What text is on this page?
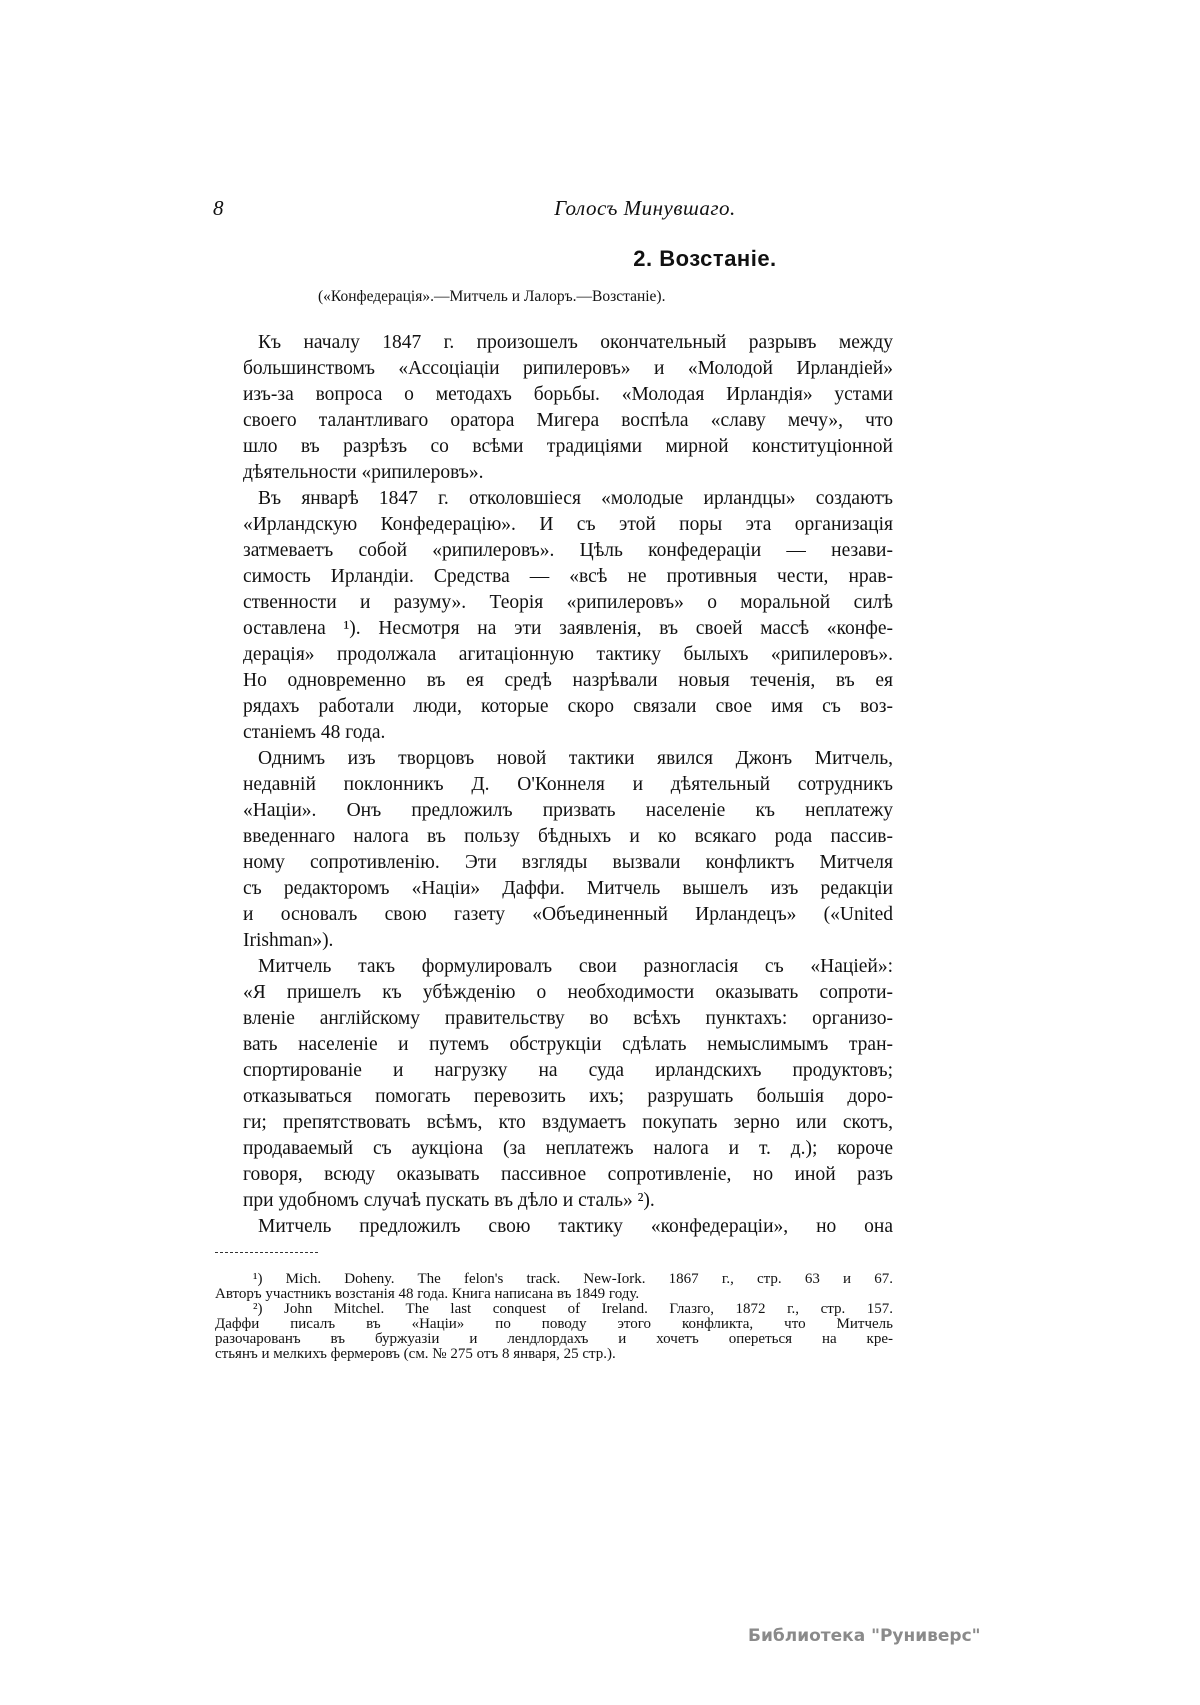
8	Голосъ Минувшаго.
2. Возстаніе.
(«Конфедерація».—Митчель и Лалоръ.—Возстаніе).
Къ началу 1847 г. произошелъ окончательный разрывъ между
большинствомъ «Ассоціаціи рипилеровъ» и «Молодой Ирландіей»
изъ-за вопроса о методахъ борьбы. «Молодая Ирландія» устами
своего талантливаго оратора Мигера воспѣла «славу мечу», что
шло въ разрѣзъ со всѣми традиціями мирной конституціонной
дѣятельности «рипилеровъ».
Въ январѣ 1847 г. отколовшіеся «молодые ирландцы» создаютъ
«Ирландскую Конфедерацію». И съ этой поры эта организація
затмеваетъ собой «рипилеровъ». Цѣль конфедераціи — незави-
симость Ирландіи. Средства — «всѣ не противныя чести, нрав-
ственности и разуму». Теорія «рипилеровъ» о моральной силѣ
оставлена ¹). Несмотря на эти заявленія, въ своей массѣ «конфе-
дерація» продолжала агитаціонную тактику былыхъ «рипилеровъ».
Но одновременно въ ея средѣ назрѣвали новыя теченія, въ ея
рядахъ работали люди, которые скоро связали свое имя съ воз-
станіемъ 48 года.
Однимъ изъ творцовъ новой тактики явился Джонъ Митчель,
недавній поклонникъ Д. О'Коннеля и дѣятельный сотрудникъ
«Націи». Онъ предложилъ призвать населеніе къ неплатежу
введеннаго налога въ пользу бѣдныхъ и ко всякаго рода пассив-
ному сопротивленію. Эти взгляды вызвали конфликтъ Митчеля
съ редакторомъ «Націи» Даффи. Митчель вышелъ изъ редакціи
и основалъ свою газету «Объединенный Ирландецъ» («United
Irishman»).
Митчель такъ формулировалъ свои разногласія съ «Націей»:
«Я пришелъ къ убѣжденію о необходимости оказывать сопроти-
вленіе англійскому правительству во всѣхъ пунктахъ: организо-
вать населеніе и путемъ обструкціи сдѣлать немыслимымъ тран-
спортированіе и нагрузку на суда ирландскихъ продуктовъ;
отказываться помогать перевозить ихъ; разрушать большія доро-
ги; препятствовать всѣмъ, кто вздумаетъ покупать зерно или скотъ,
продаваемый съ аукціона (за неплатежъ налога и т. д.); короче
говоря, всюду оказывать пассивное сопротивленіе, но иной разъ
при удобномъ случаѣ пускать въ дѣло и сталь» ²).
Митчель предложилъ свою тактику «конфедераціи», но она
¹) Mich. Doheny. The felon's track. New-Iork. 1867 г., стр. 63 и 67.
Авторъ участникъ возстанія 48 года. Книга написана въ 1849 году.
²) John Mitchel. The last conquest of Ireland. Глазго, 1872 г., стр. 157.
Даффи писалъ въ «Націи» по поводу этого конфликта, что Митчель
разочарованъ въ буржуазіи и лендлордахъ и хочетъ опереться на кре-
стьянъ и мелкихъ фермеровъ (см. № 275 отъ 8 января, 25 стр.).
Библиотека "Руниверс"
